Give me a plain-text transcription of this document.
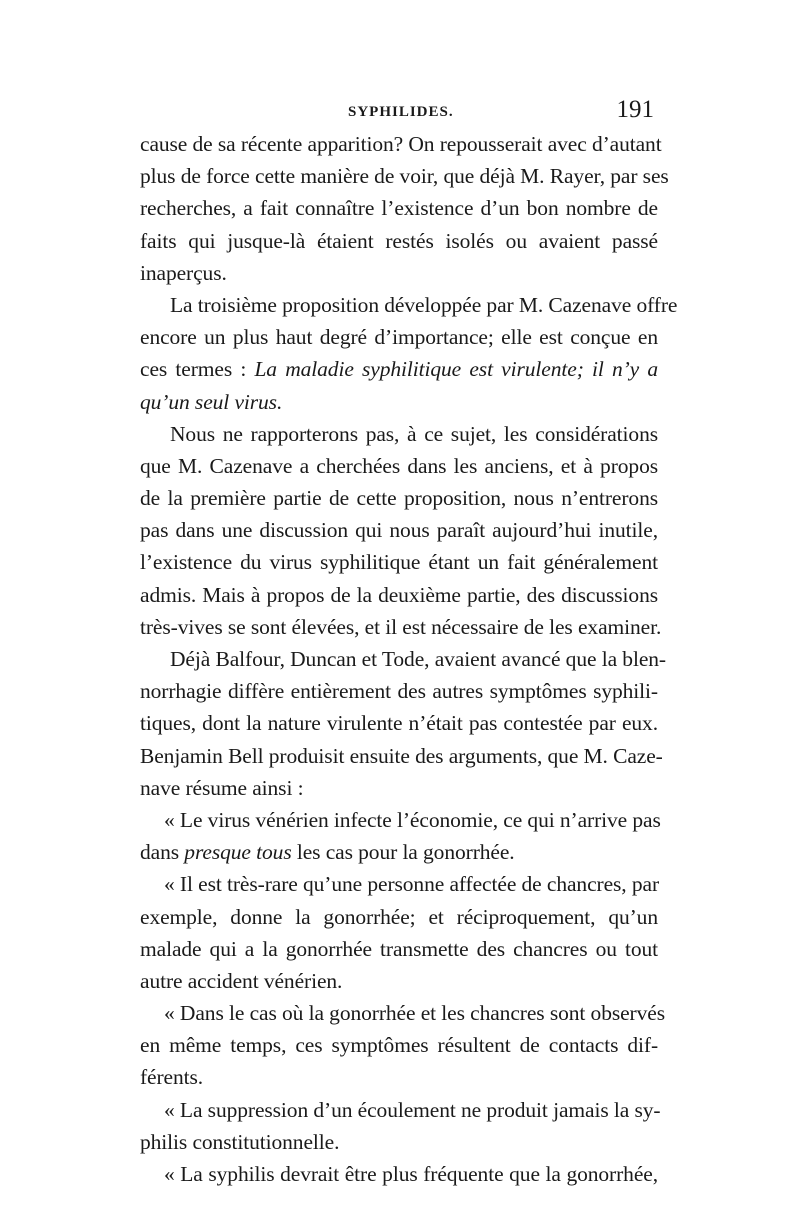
SYPHILIDES.	191
cause de sa récente apparition? On repousserait avec d’autant
plus de force cette manière de voir, que déjà M. Rayer, par ses
recherches, a fait connaître l’existence d’un bon nombre de
faits qui jusque-là étaient restés isolés ou avaient passé
inaperçus.
La troisième proposition développée par M. Cazenave offre
encore un plus haut degré d’importance; elle est conçue en
ces termes : La maladie syphilitique est virulente; il n’y a
qu’un seul virus.
Nous ne rapporterons pas, à ce sujet, les considérations
que M. Cazenave a cherchées dans les anciens, et à propos
de la première partie de cette proposition, nous n’entrerons
pas dans une discussion qui nous paraît aujourd’hui inutile,
l’existence du virus syphilitique étant un fait généralement
admis. Mais à propos de la deuxième partie, des discussions
très-vives se sont élevées, et il est nécessaire de les examiner.
Déjà Balfour, Duncan et Tode, avaient avancé que la blen-
norrhagie diffère entièrement des autres symptômes syphili-
tiques, dont la nature virulente n’était pas contestée par eux.
Benjamin Bell produisit ensuite des arguments, que M. Caze-
nave résume ainsi :
« Le virus vénérien infecte l’économie, ce qui n’arrive pas
dans presque tous les cas pour la gonorrhée.
« Il est très-rare qu’une personne affectée de chancres, par
exemple, donne la gonorrhée; et réciproquement, qu’un
malade qui a la gonorrhée transmette des chancres ou tout
autre accident vénérien.
« Dans le cas où la gonorrhée et les chancres sont observés
en même temps, ces symptômes résultent de contacts dif-
férents.
« La suppression d’un écoulement ne produit jamais la sy-
philis constitutionnelle.
« La syphilis devrait être plus fréquente que la gonorrhée,
